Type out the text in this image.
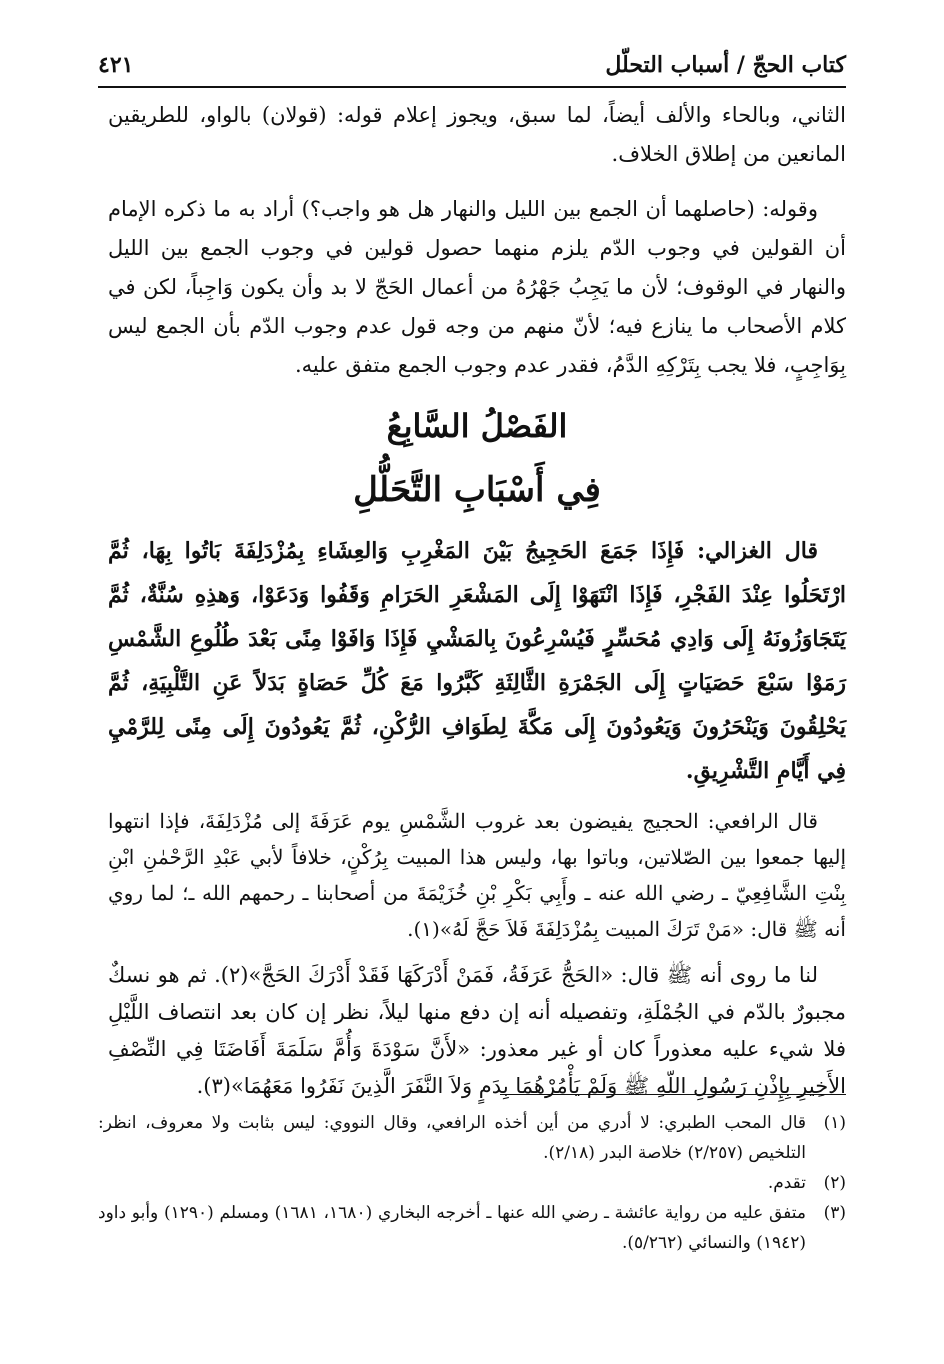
كتاب الحجّ / أسباب التحلّل
٤٢١

الثاني، وبالحاء والألف أيضاً، لما سبق، ويجوز إعلام قوله: (قولان) بالواو، للطريقين المانعين من إطلاق الخلاف.

وقوله: (حاصلهما أن الجمع بين الليل والنهار هل هو واجب؟) أراد به ما ذكره الإمام أن القولين في وجوب الدّم يلزم منهما حصول قولين في وجوب الجمع بين الليل والنهار في الوقوف؛ لأن ما يَجِبُ جَهْرُهُ من أعمال الحَجّ لا بد وأن يكون وَاجِباً، لكن في كلام الأصحاب ما ينازع فيه؛ لأنّ منهم من وجه قول عدم وجوب الدّم بأن الجمع ليس بِوَاجِبٍ، فلا يجب بِتَرْكِهِ الدَّمُ، فقدر عدم وجوب الجمع متفق عليه.

الفَصْلُ السَّابِعُ
فِي أَسْبَابِ التَّحَلُّلِ

قال الغزالي: فَإِذَا جَمَعَ الحَجِيجُ بَيْنَ المَغْرِبِ وَالعِشَاءِ بِمُزْدَلِفَةَ بَاتُوا بِهَا، ثُمَّ ارْتَحَلُوا عِنْدَ الفَجْرِ، فَإِذَا انْتَهَوْا إِلَى المَشْعَرِ الحَرَامِ وَقَفُوا وَدَعَوْا، وَهذِهِ سُنَّةٌ، ثُمَّ يَتَجَاوَزُونَهُ إِلَى وَادِي مُحَسِّرٍ فَيُسْرِعُونَ بِالمَشْيِ فَإِذَا وَافَوْا مِنًى بَعْدَ طُلُوعِ الشَّمْسِ رَمَوْا سَبْعَ حَصَيَاتٍ إِلَى الجَمْرَةِ الثَّالِثَةِ كَبَّرُوا مَعَ كُلِّ حَصَاةٍ بَدَلاً عَنِ التَّلْبِيَةِ، ثُمَّ يَحْلِقُونَ وَيَنْحَرُونَ وَيَعُودُونَ إِلَى مَكَّةَ لِطَوَافِ الرُّكْنِ، ثُمَّ يَعُودُونَ إِلَى مِنًى لِلرَّمْيِ فِي أَيَّامِ التَّشْرِيقِ.

قال الرافعي: الحجيج يفيضون بعد غروب الشَّمْسِ يوم عَرَفَةَ إلى مُزْدَلِفَةَ، فإذا انتهوا إليها جمعوا بين الصّلاتين، وباتوا بها، وليس هذا المبيت بِرُكْنٍ، خلافاً لأبي عَبْدِ الرَّحْمٰنِ ابْنِ بِنْتِ الشَّافِعِيّ ـ رضي الله عنه ـ وأَبِي بَكْرِ بْنِ خُزَيْمَةَ من أصحابنا ـ رحمهم الله ـ؛ لما روي أنه ﷺ قال: «مَنْ تَرَكَ المبيت بِمُزْدَلِفَةَ فَلاَ حَجَّ لَهُ»(١).

لنا ما روى أنه ﷺ قال: «الحَجُّ عَرَفَةُ، فَمَنْ أَدْرَكَهَا فَقَدْ أَدْرَكَ الحَجَّ»(٢). ثم هو نسكٌ مجبورٌ بالدّم في الجُمْلَةِ، وتفصيله أنه إن دفع منها ليلاً، نظر إن كان بعد انتصاف اللَّيْلِ فلا شيء عليه معذوراً كان أو غير معذور: «لأَنَّ سَوْدَةَ وَأُمَّ سَلَمَةَ أَفَاضَتَا فِي النِّصْفِ الأَخِيرِ بِإِذْنِ رَسُولِ اللّهِ ﷺ وَلَمْ يَأْمُرْهُمَا بِدَمٍ وَلاَ النَّفَرَ الَّذِينَ نَفَرُوا مَعَهُمَا»(٣).

(١)
قال المحب الطبري: لا أدري من أين أخذه الرافعي، وقال النووي: ليس بثابت ولا معروف، انظر: التلخيص (٢/٢٥٧) خلاصة البدر (٢/١٨).
(٢)
تقدم.
(٣)
متفق عليه من رواية عائشة ـ رضي الله عنها ـ أخرجه البخاري (١٦٨٠، ١٦٨١) ومسلم (١٢٩٠) وأبو داود (١٩٤٢) والنسائي (٥/٢٦٢).
